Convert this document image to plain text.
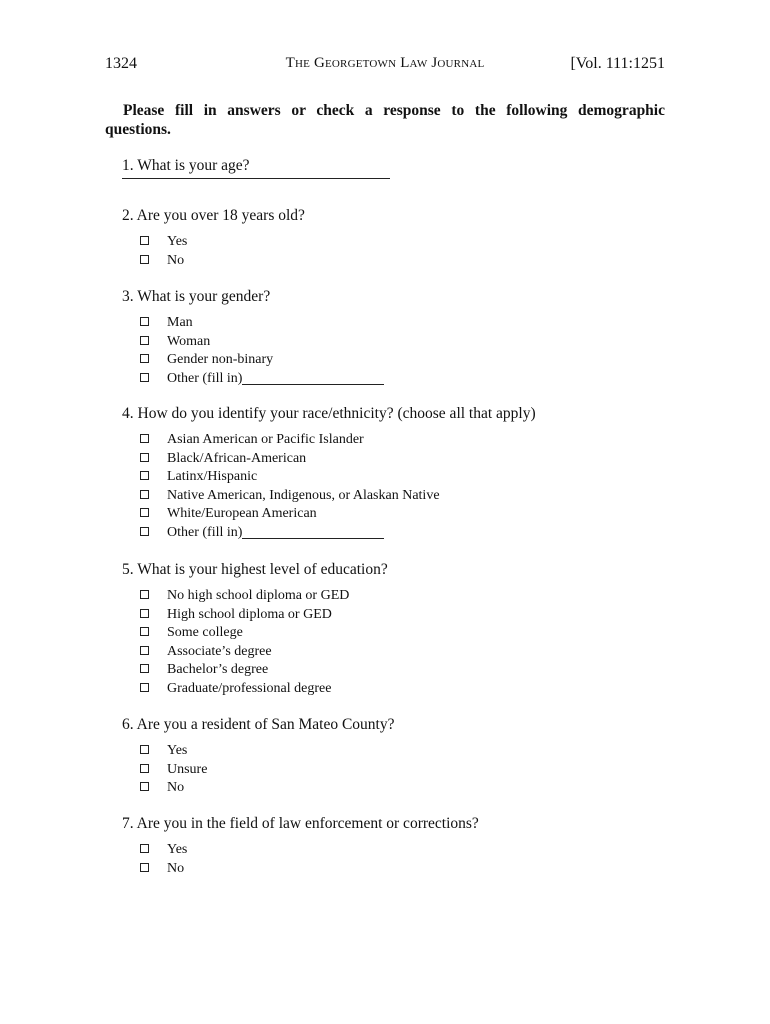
1324	The Georgetown Law Journal	[Vol. 111:1251
Please fill in answers or check a response to the following demographic questions.
1. What is your age?
2. Are you over 18 years old?
Yes
No
3. What is your gender?
Man
Woman
Gender non-binary
Other (fill in)
4. How do you identify your race/ethnicity? (choose all that apply)
Asian American or Pacific Islander
Black/African-American
Latinx/Hispanic
Native American, Indigenous, or Alaskan Native
White/European American
Other (fill in)
5. What is your highest level of education?
No high school diploma or GED
High school diploma or GED
Some college
Associate’s degree
Bachelor’s degree
Graduate/professional degree
6. Are you a resident of San Mateo County?
Yes
Unsure
No
7. Are you in the field of law enforcement or corrections?
Yes
No
